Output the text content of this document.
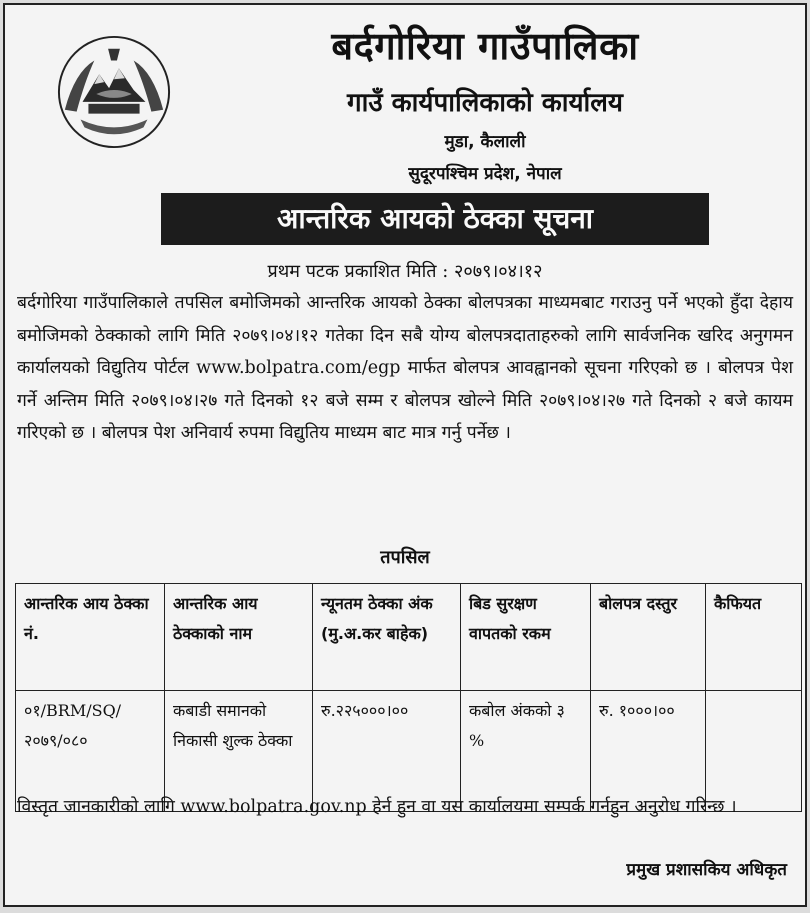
बर्दगोरिया गाउँपालिका
गाउँ कार्यपालिकाको कार्यालय
मुडा, कैलाली
सुदूरपश्चिम प्रदेश, नेपाल
आन्तरिक आयको ठेक्का सूचना
प्रथम पटक प्रकाशित मिति : २०७९।०४।१२
बर्दगोरिया गाउँपालिकाले तपसिल बमोजिमको आन्तरिक आयको ठेक्का बोलपत्रका माध्यमबाट गराउनु पर्ने भएको हुँदा देहाय बमोजिमको ठेक्काको लागि मिति २०७९।०४।१२ गतेका दिन सबै योग्य बोलपत्रदाताहरुको लागि सार्वजनिक खरिद अनुगमन कार्यालयको विद्युतिय पोर्टल www.bolpatra.com/egp मार्फत बोलपत्र आवह्वानको सूचना गरिएको छ । बोलपत्र पेश गर्ने अन्तिम मिति २०७९।०४।२७ गते दिनको १२ बजे सम्म र बोलपत्र खोल्ने मिति २०७९।०४।२७ गते दिनको २ बजे कायम गरिएको छ । बोलपत्र पेश अनिवार्य रुपमा विद्युतिय माध्यम बाट मात्र गर्नु पर्नेछ ।
तपसिल
आन्तरिक आय ठेक्का नं.	आन्तरिक आय ठेक्काको नाम	न्यूनतम ठेक्का अंक (मु.अ.कर बाहेक)	बिड सुरक्षण वापतको रकम	बोलपत्र दस्तुर	कैफियत
०१/BRM/SQ/ २०७९/०८०	कबाडी समानको निकासी शुल्क ठेक्का	रु.२२५०००।००	कबोल अंकको ३ %	रु. १०००।००	
विस्तृत जानकारीको लागि www.bolpatra.gov.np हेर्न हुन वा यस कार्यालयमा सम्पर्क गर्नहुन अनुरोध गरिन्छ ।
प्रमुख प्रशासकिय अधिकृत
